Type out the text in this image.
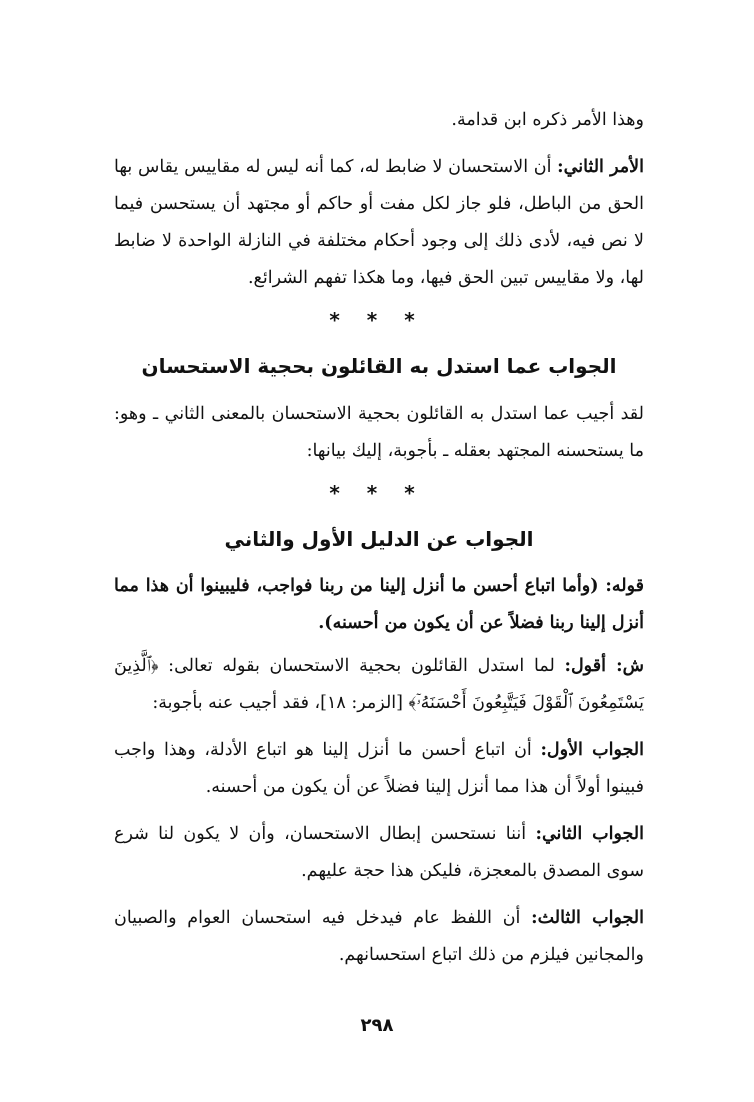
وهذا الأمر ذكره ابن قدامة.

الأمر الثاني: أن الاستحسان لا ضابط له، كما أنه ليس له مقاييس يقاس بها الحق من الباطل، فلو جاز لكل مفت أو حاكم أو مجتهد أن يستحسن فيما لا نص فيه، لأدى ذلك إلى وجود أحكام مختلفة في النازلة الواحدة لا ضابط لها، ولا مقاييس تبين الحق فيها، وما هكذا تفهم الشرائع.

* * *
الجواب عما استدل به القائلون بحجية الاستحسان

لقد أجيب عما استدل به القائلون بحجية الاستحسان بالمعنى الثاني ـ وهو: ما يستحسنه المجتهد بعقله ـ بأجوبة، إليك بيانها:

* * *
الجواب عن الدليل الأول والثاني

قوله: (وأما اتباع أحسن ما أنزل إلينا من ربنا فواجب، فليبينوا أن هذا مما أنزل إلينا ربنا فضلاً عن أن يكون من أحسنه).

ش: أقول: لما استدل القائلون بحجية الاستحسان بقوله تعالى: ﴿ٱلَّذِينَ يَسْتَمِعُونَ ٱلْقَوْلَ فَيَتَّبِعُونَ أَحْسَنَهُۥٓ﴾ [الزمر: ١٨]، فقد أجيب عنه بأجوبة:

الجواب الأول: أن اتباع أحسن ما أنزل إلينا هو اتباع الأدلة، وهذا واجب فبينوا أولاً أن هذا مما أنزل إلينا فضلاً عن أن يكون من أحسنه.

الجواب الثاني: أننا نستحسن إبطال الاستحسان، وأن لا يكون لنا شرع سوى المصدق بالمعجزة، فليكن هذا حجة عليهم.

الجواب الثالث: أن اللفظ عام فيدخل فيه استحسان العوام والصبيان والمجانين فيلزم من ذلك اتباع استحسانهم.

٢٩٨
